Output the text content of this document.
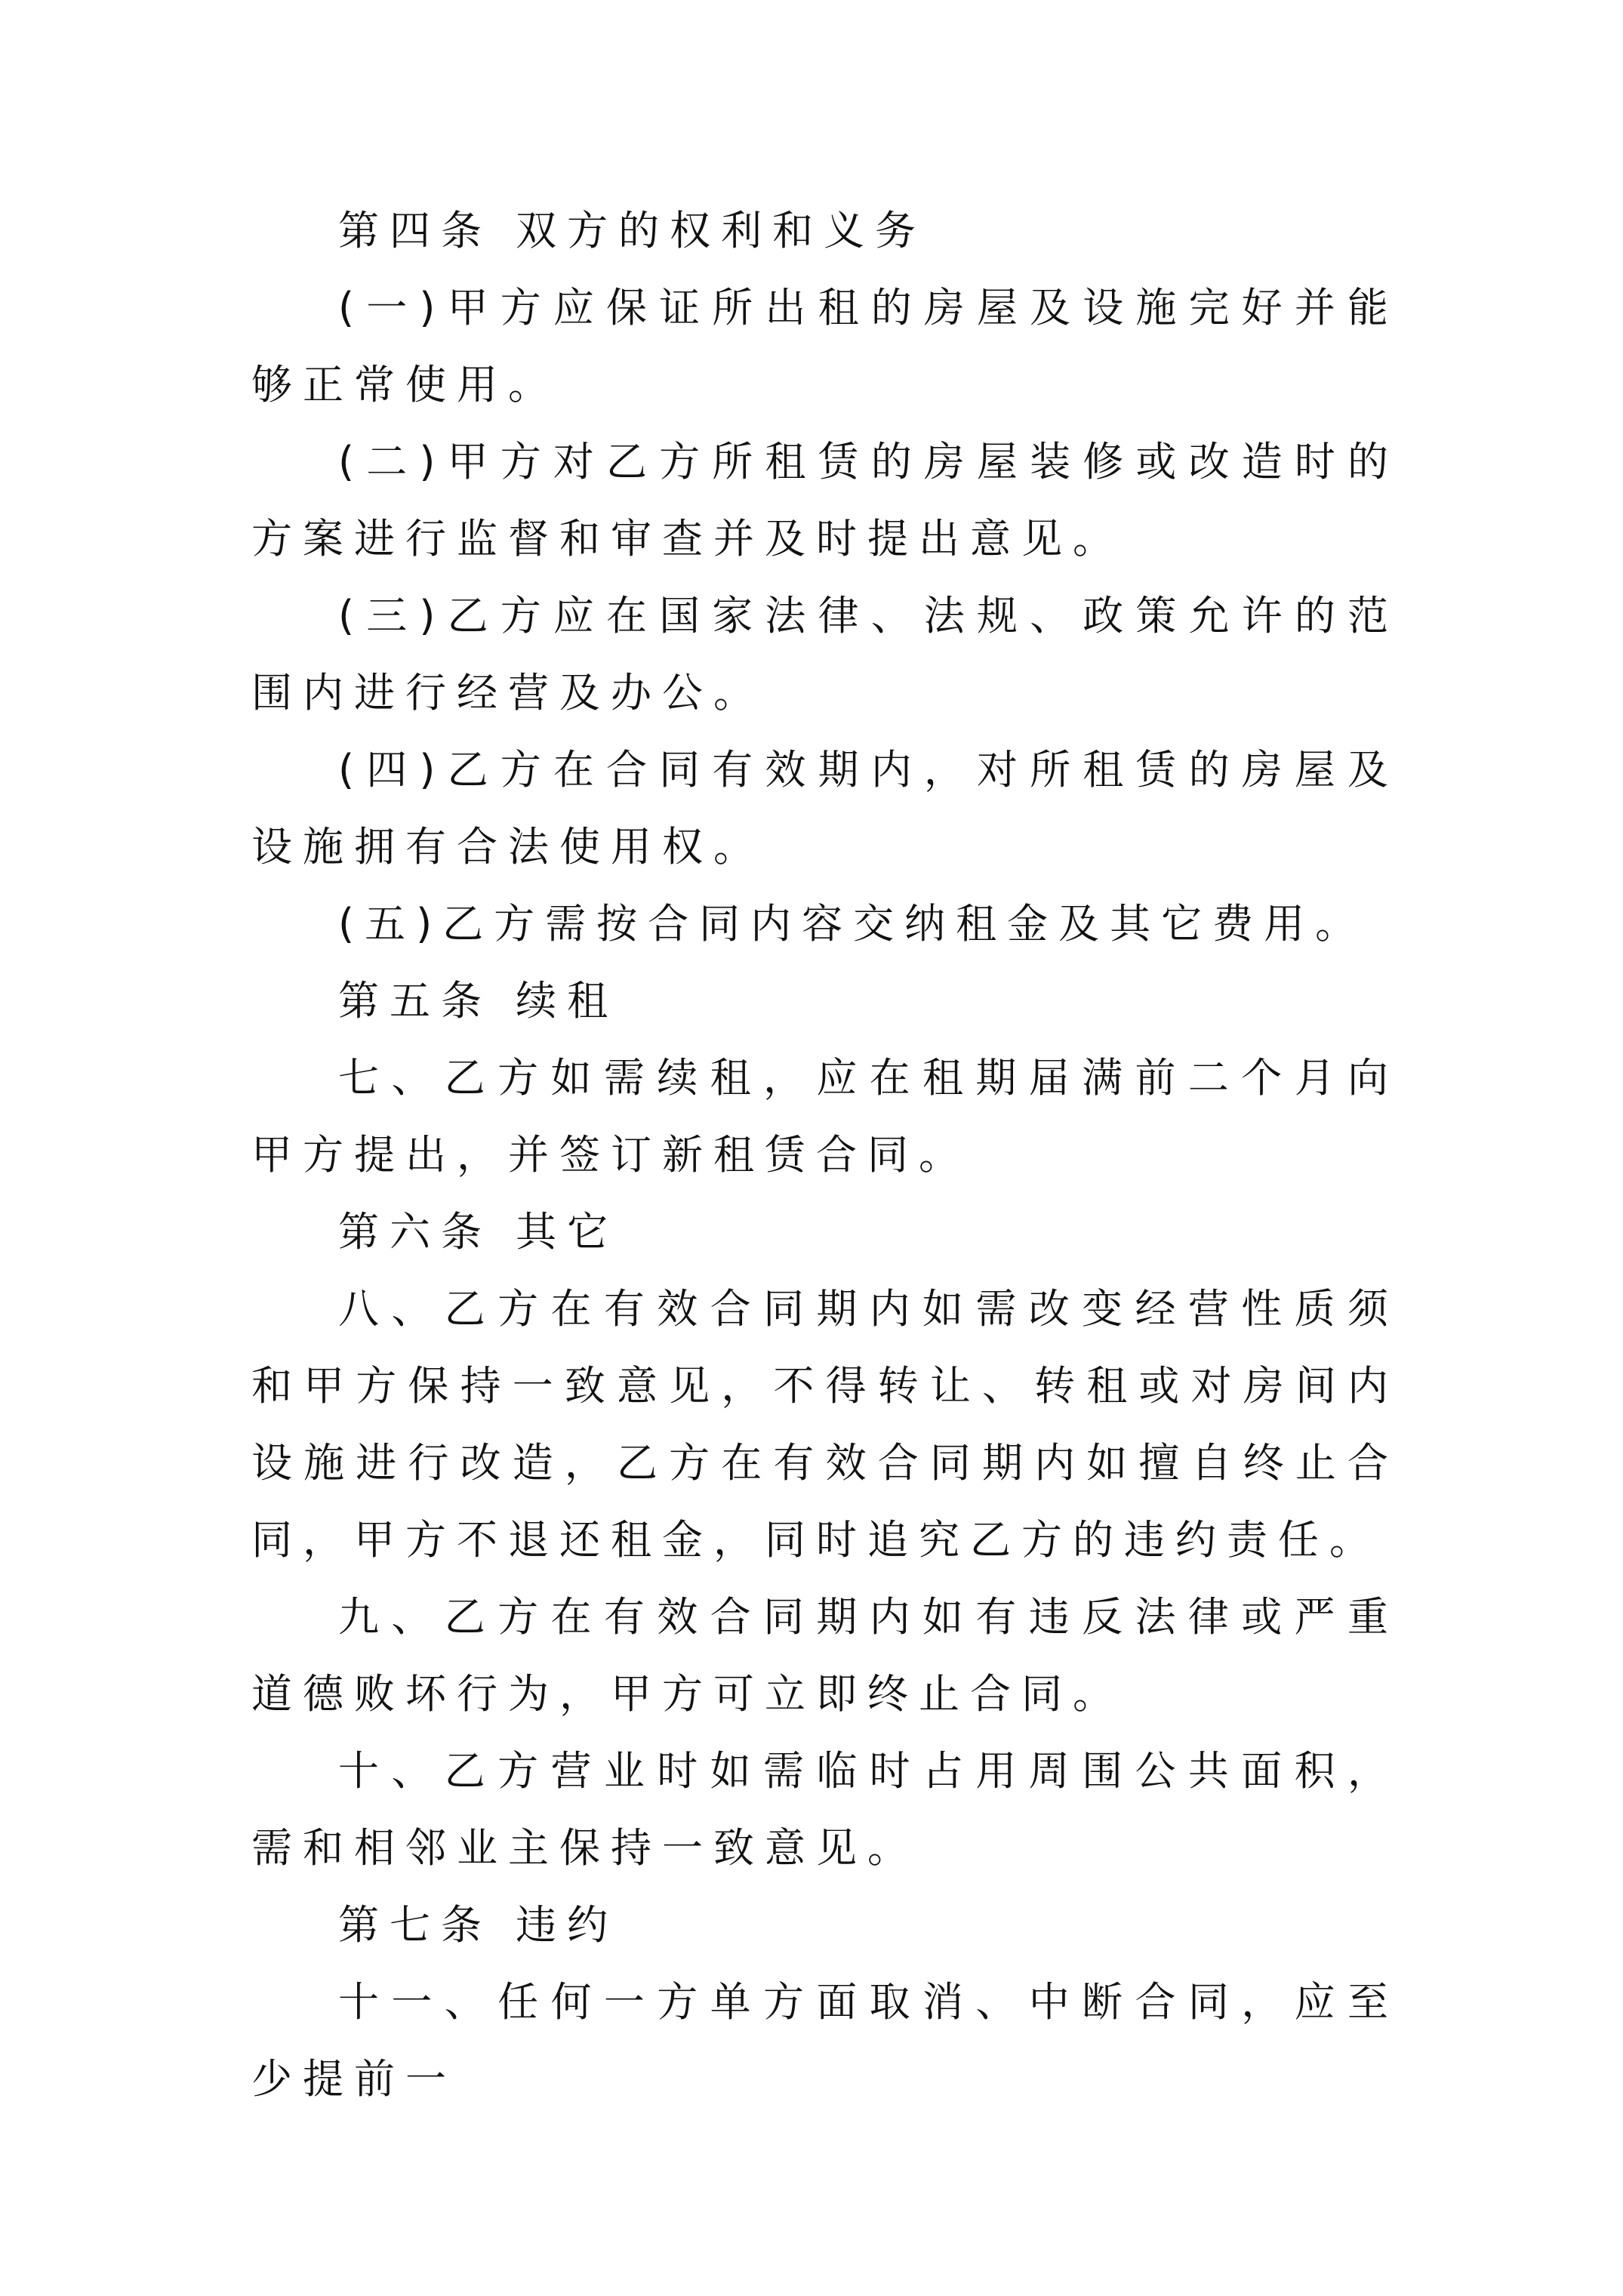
第四条 双方的权利和义务

(一)甲方应保证所出租的房屋及设施完好并能够正常使用。

(二)甲方对乙方所租赁的房屋装修或改造时的方案进行监督和审查并及时提出意见。

(三)乙方应在国家法律、法规、政策允许的范围内进行经营及办公。

(四)乙方在合同有效期内，对所租赁的房屋及设施拥有合法使用权。

(五)乙方需按合同内容交纳租金及其它费用。

第五条 续租

七、乙方如需续租，应在租期届满前二个月向甲方提出，并签订新租赁合同。

第六条 其它

八、乙方在有效合同期内如需改变经营性质须和甲方保持一致意见，不得转让、转租或对房间内设施进行改造，乙方在有效合同期内如擅自终止合同，甲方不退还租金，同时追究乙方的违约责任。

九、乙方在有效合同期内如有违反法律或严重道德败坏行为，甲方可立即终止合同。

十、乙方营业时如需临时占用周围公共面积，需和相邻业主保持一致意见。

第七条 违约

十一、任何一方单方面取消、中断合同，应至少提前一
